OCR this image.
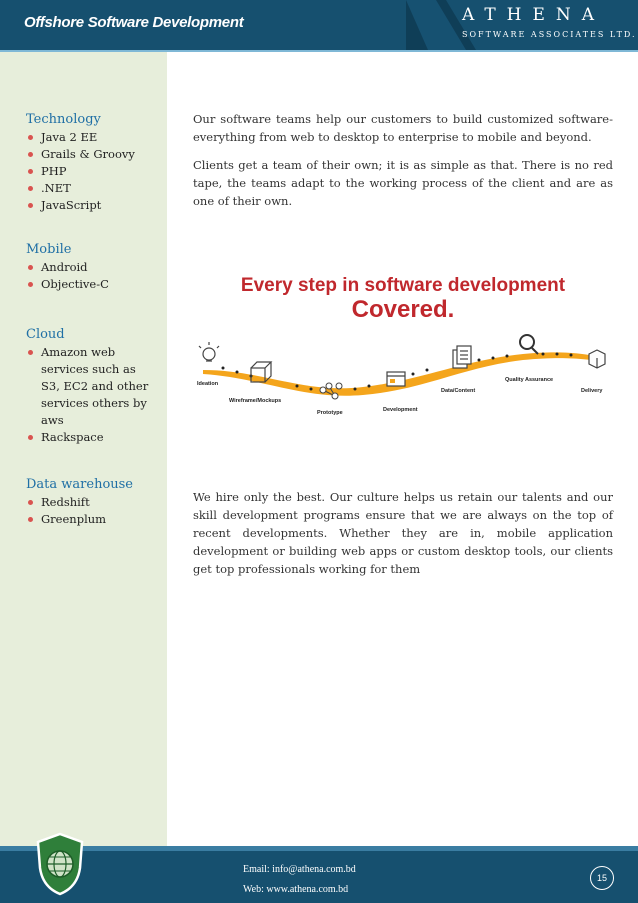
Offshore Software Development	ATHENA
SOFTWARE ASSOCIATES LTD.
Technology
Java 2 EE
Grails & Groovy
PHP
.NET
JavaScript
Mobile
Android
Objective-C
Cloud
Amazon web services such as S3, EC2 and other services others by aws
Rackspace
Data warehouse
Redshift
Greenplum

Our software teams help our customers to build customized software- everything from web to desktop to enterprise to mobile and beyond.

Clients get a team of their own; it is as simple as that. There is no red tape, the teams adapt to the working process of the client and are as one of their own.

Every step in software development
Covered.
Ideation
Wireframe/Mockups
Prototype	Development
Data/Content
Quality Assurance
Delivery

We hire only the best. Our culture helps us retain our talents and our skill development programs ensure that we are always on the top of recent developments. Whether they are in, mobile application development or building web apps or custom desktop tools, our clients get top professionals working for them

Email: info@athena.com.bd
Web: www.athena.com.bd
15
